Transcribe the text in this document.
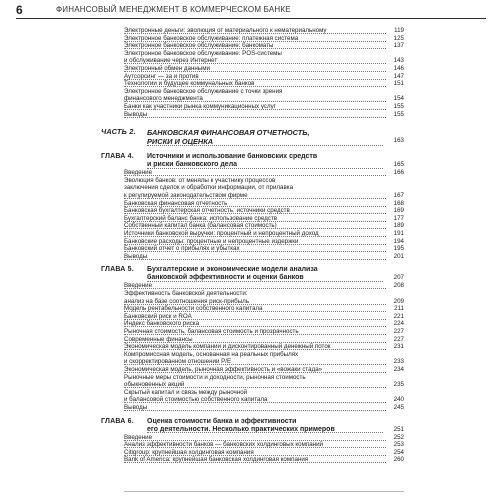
6	ФИНАНСОВЫЙ МЕНЕДЖМЕНТ В КОММЕРЧЕСКОМ БАНКЕ
Электронные деньги: эволюция от материального к нематериальному	119
Электронное банковское обслуживание: платежная система	125
Электронное банковское обслуживание: банкоматы	137
Электронное банковское обслуживание: POS-системы
и обслуживание через Интернет	143
Электронный обмен данными	146
Аутсорсинг — за и против	147
Технологии и будущее коммунальных банков	151
Электронное банковское обслуживание с точки зрения
финансового менеджмента	154
Банки как участники рынка коммуникационных услуг	155
Выводы	155
ЧАСТЬ 2. БАНКОВСКАЯ ФИНАНСОВАЯ ОТЧЕТНОСТЬ,
РИСКИ И ОЦЕНКА	163
ГЛАВА 4. Источники и использование банковских средств
и риски банковского дела	165
Введение	166
Эволюция банков: от менялы к участнику процессов
заключения сделок и обработки информации, от прилавка
к регулируемой законодательством фирме	167
Банковская финансовая отчетность	168
Банковская бухгалтерская отчетность: источники средств	169
Бухгалтерский баланс банка: использование средств	177
Собственный капитал банка (балансовая стоимость)	189
Источники банковской выручки: процентный и непроцентный доход	191
Банковские расходы: процентные и непроцентные издержки	194
Банковский отчет о прибылях и убытках	195
Выводы	201
ГЛАВА 5. Бухгалтерские и экономические модели анализа
банковской эффективности и оценки банков	207
Введение	208
Эффективность банковской деятельности:
анализ на базе соотношения риск-прибыль	209
Модель рентабельности собственного капитала	211
Банковский риск и ROA	221
Индекс банковского риска	224
Рыночная стоимость, балансовая стоимость и прозрачность	227
Современные финансы	227
Экономическая модель компании и дисконтированный денежный поток	231
Компромиссная модель, основанная на реальных прибылях
и скорректированном отношении P/E	233
Экономическая модель, рыночная эффективность и «вожаки стада»	234
Рыночные меры стоимости и доходности, рыночная стоимость
обыкновенных акций	235
Скрытый капитал и связь между рыночной
и балансовой стоимостью собственного капитала	240
Выводы	245
ГЛАВА 6. Оценка стоимости банка и эффективности
его деятельности. Несколько практических примеров	251
Введение	252
Анализ эффективности банков — банковских холдинговых компаний	253
Citigroup: крупнейшая холдинговая компания	254
Bank of America: крупнейшая банковская холдинговая компания	260
